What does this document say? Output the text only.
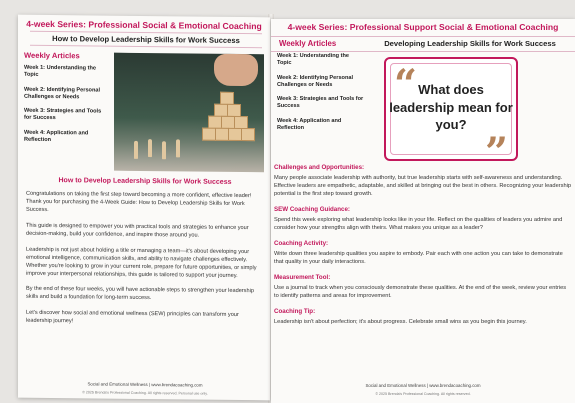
4-week Series: Professional Social & Emotional Coaching
How to Develop Leadership Skills for Work Success
Weekly Articles
Week 1: Understanding the Topic
Week 2: Identifying Personal Challenges or Needs
Week 3: Strategies and Tools for Success
Week 4: Application and Reflection
How to Develop Leadership Skills for Work Success

Congratulations on taking the first step toward becoming a more confident, effective leader! Thank you for purchasing the 4-Week Guide: How to Develop Leadership Skills for Work Success.

This guide is designed to empower you with practical tools and strategies to enhance your decision-making, build your confidence, and inspire those around you.

Leadership is not just about holding a title or managing a team—it's about developing your emotional intelligence, communication skills, and ability to navigate challenges effectively. Whether you're looking to grow in your current role, prepare for future opportunities, or simply improve your interpersonal relationships, this guide is tailored to support your journey.

By the end of these four weeks, you will have actionable steps to strengthen your leadership skills and build a foundation for long-term success.

Let's discover how social and emotional wellness (SEW) principles can transform your leadership journey!

Social and Emotional Wellness | www.brendacoaching.com
© 2025 Brenda's Professional Coaching. All rights reserved. Personal use only.
4-week Series: Professional Support Social & Emotional Coaching
Weekly Articles	Developing Leadership Skills for Work Success
Week 1: Understanding the Topic
Week 2: Identifying Personal Challenges or Needs
Week 3: Strategies and Tools for Success
Week 4: Application and Reflection
“
”
What does leadership mean for you?
Challenges and Opportunities:
Many people associate leadership with authority, but true leadership starts with self-awareness and understanding. Effective leaders are empathetic, adaptable, and skilled at bringing out the best in others. Recognizing your leadership potential is the first step toward growth.
SEW Coaching Guidance:
Spend this week exploring what leadership looks like in your life. Reflect on the qualities of leaders you admire and consider how your strengths align with theirs. What makes you unique as a leader?
Coaching Activity:
Write down three leadership qualities you aspire to embody. Pair each with one action you can take to demonstrate that quality in your daily interactions.
Measurement Tool:
Use a journal to track when you consciously demonstrate these qualities. At the end of the week, review your entries to identify patterns and areas for improvement.
Coaching Tip:
Leadership isn't about perfection; it's about progress. Celebrate small wins as you begin this journey.
Social and Emotional Wellness | www.brendacoaching.com
© 2025 Brenda's Professional Coaching. All rights reserved.
